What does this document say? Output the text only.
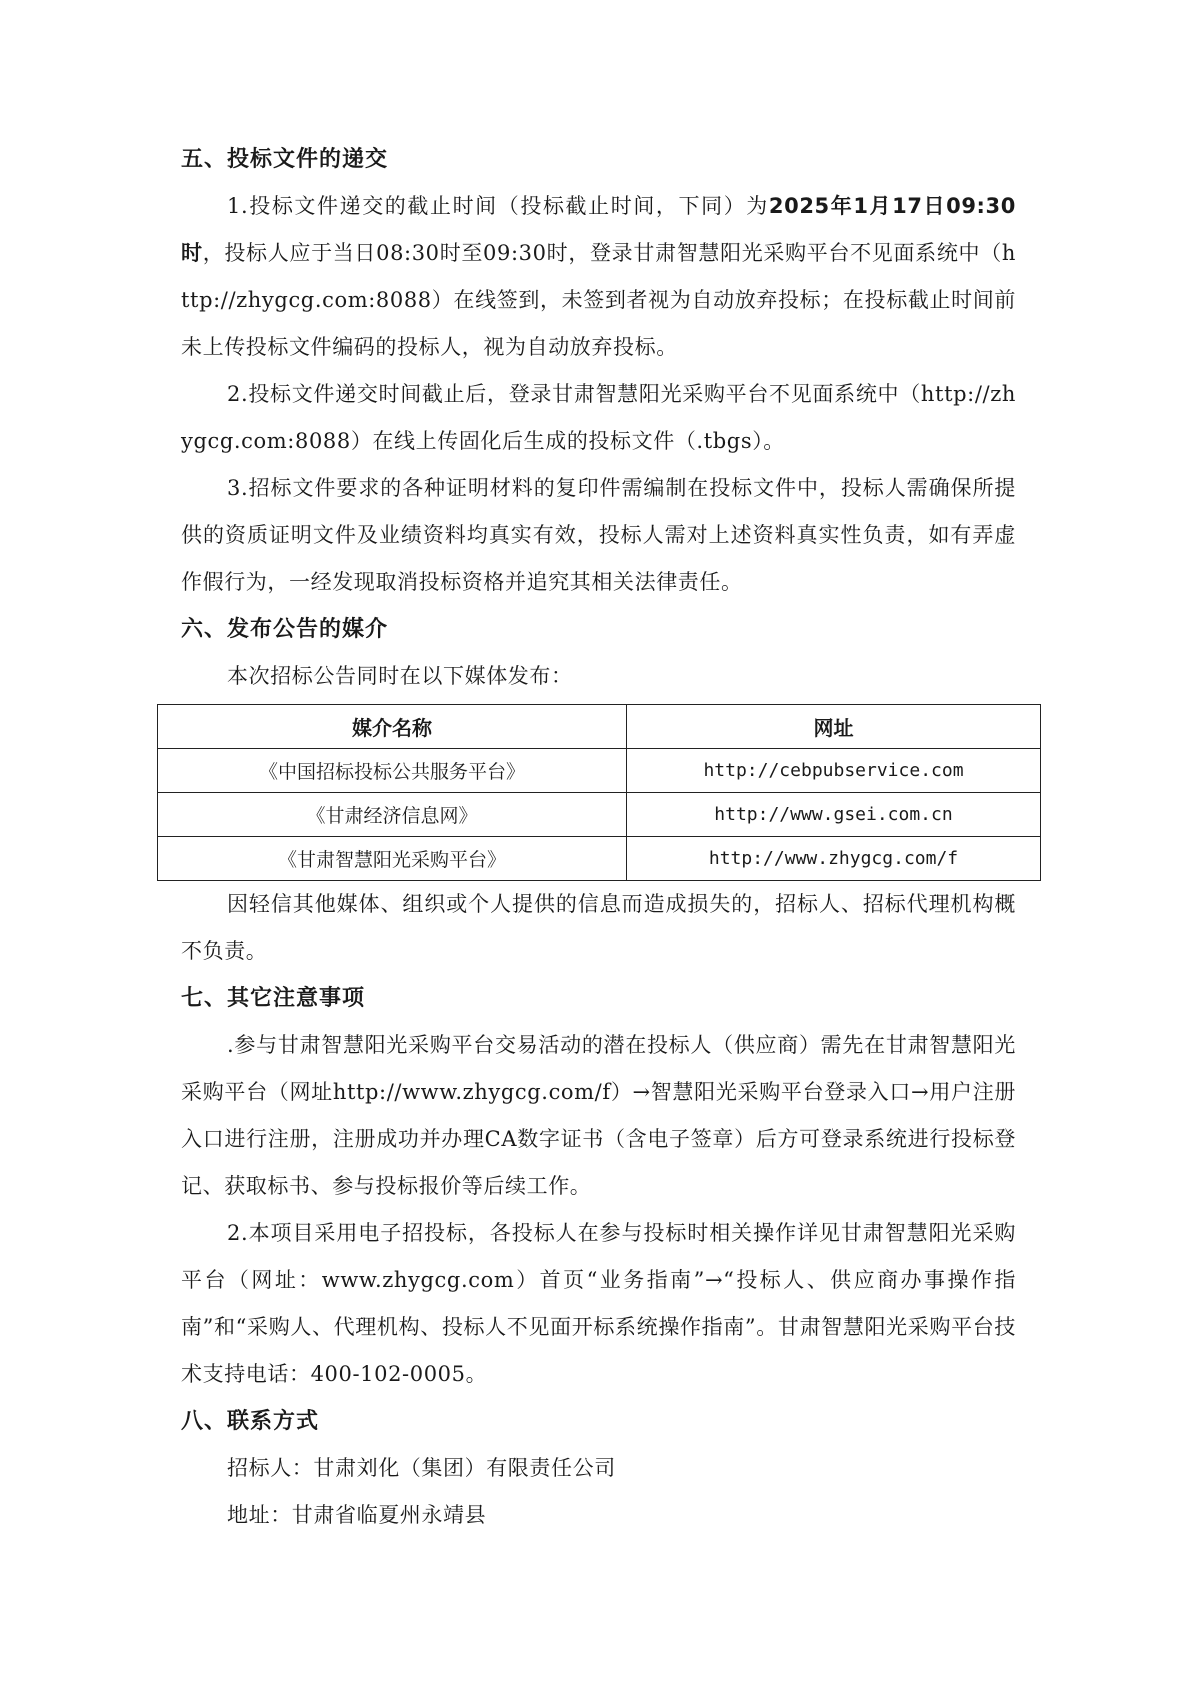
五、投标文件的递交

1.投标文件递交的截止时间（投标截止时间，下同）为2025年1月17日09:30时，投标人应于当日08:30时至09:30时，登录甘肃智慧阳光采购平台不见面系统中（http://zhygcg.com:8088）在线签到，未签到者视为自动放弃投标；在投标截止时间前未上传投标文件编码的投标人，视为自动放弃投标。

2.投标文件递交时间截止后，登录甘肃智慧阳光采购平台不见面系统中（http://zhygcg.com:8088）在线上传固化后生成的投标文件（.tbgs）。

3.招标文件要求的各种证明材料的复印件需编制在投标文件中，投标人需确保所提供的资质证明文件及业绩资料均真实有效，投标人需对上述资料真实性负责，如有弄虚作假行为，一经发现取消投标资格并追究其相关法律责任。

六、发布公告的媒介

本次招标公告同时在以下媒体发布：

媒介名称	网址
《中国招标投标公共服务平台》	http://cebpubservice.com
《甘肃经济信息网》	http://www.gsei.com.cn
《甘肃智慧阳光采购平台》	http://www.zhygcg.com/f

因轻信其他媒体、组织或个人提供的信息而造成损失的，招标人、招标代理机构概不负责。

七、其它注意事项

.参与甘肃智慧阳光采购平台交易活动的潜在投标人（供应商）需先在甘肃智慧阳光采购平台（网址http://www.zhygcg.com/f）→智慧阳光采购平台登录入口→用户注册入口进行注册，注册成功并办理CA数字证书（含电子签章）后方可登录系统进行投标登记、获取标书、参与投标报价等后续工作。

2.本项目采用电子招投标，各投标人在参与投标时相关操作详见甘肃智慧阳光采购平台（网址：www.zhygcg.com）首页“业务指南”→“投标人、供应商办事操作指南”和“采购人、代理机构、投标人不见面开标系统操作指南”。甘肃智慧阳光采购平台技术支持电话：400-102-0005。

八、联系方式

招标人：甘肃刘化（集团）有限责任公司

地址：甘肃省临夏州永靖县
